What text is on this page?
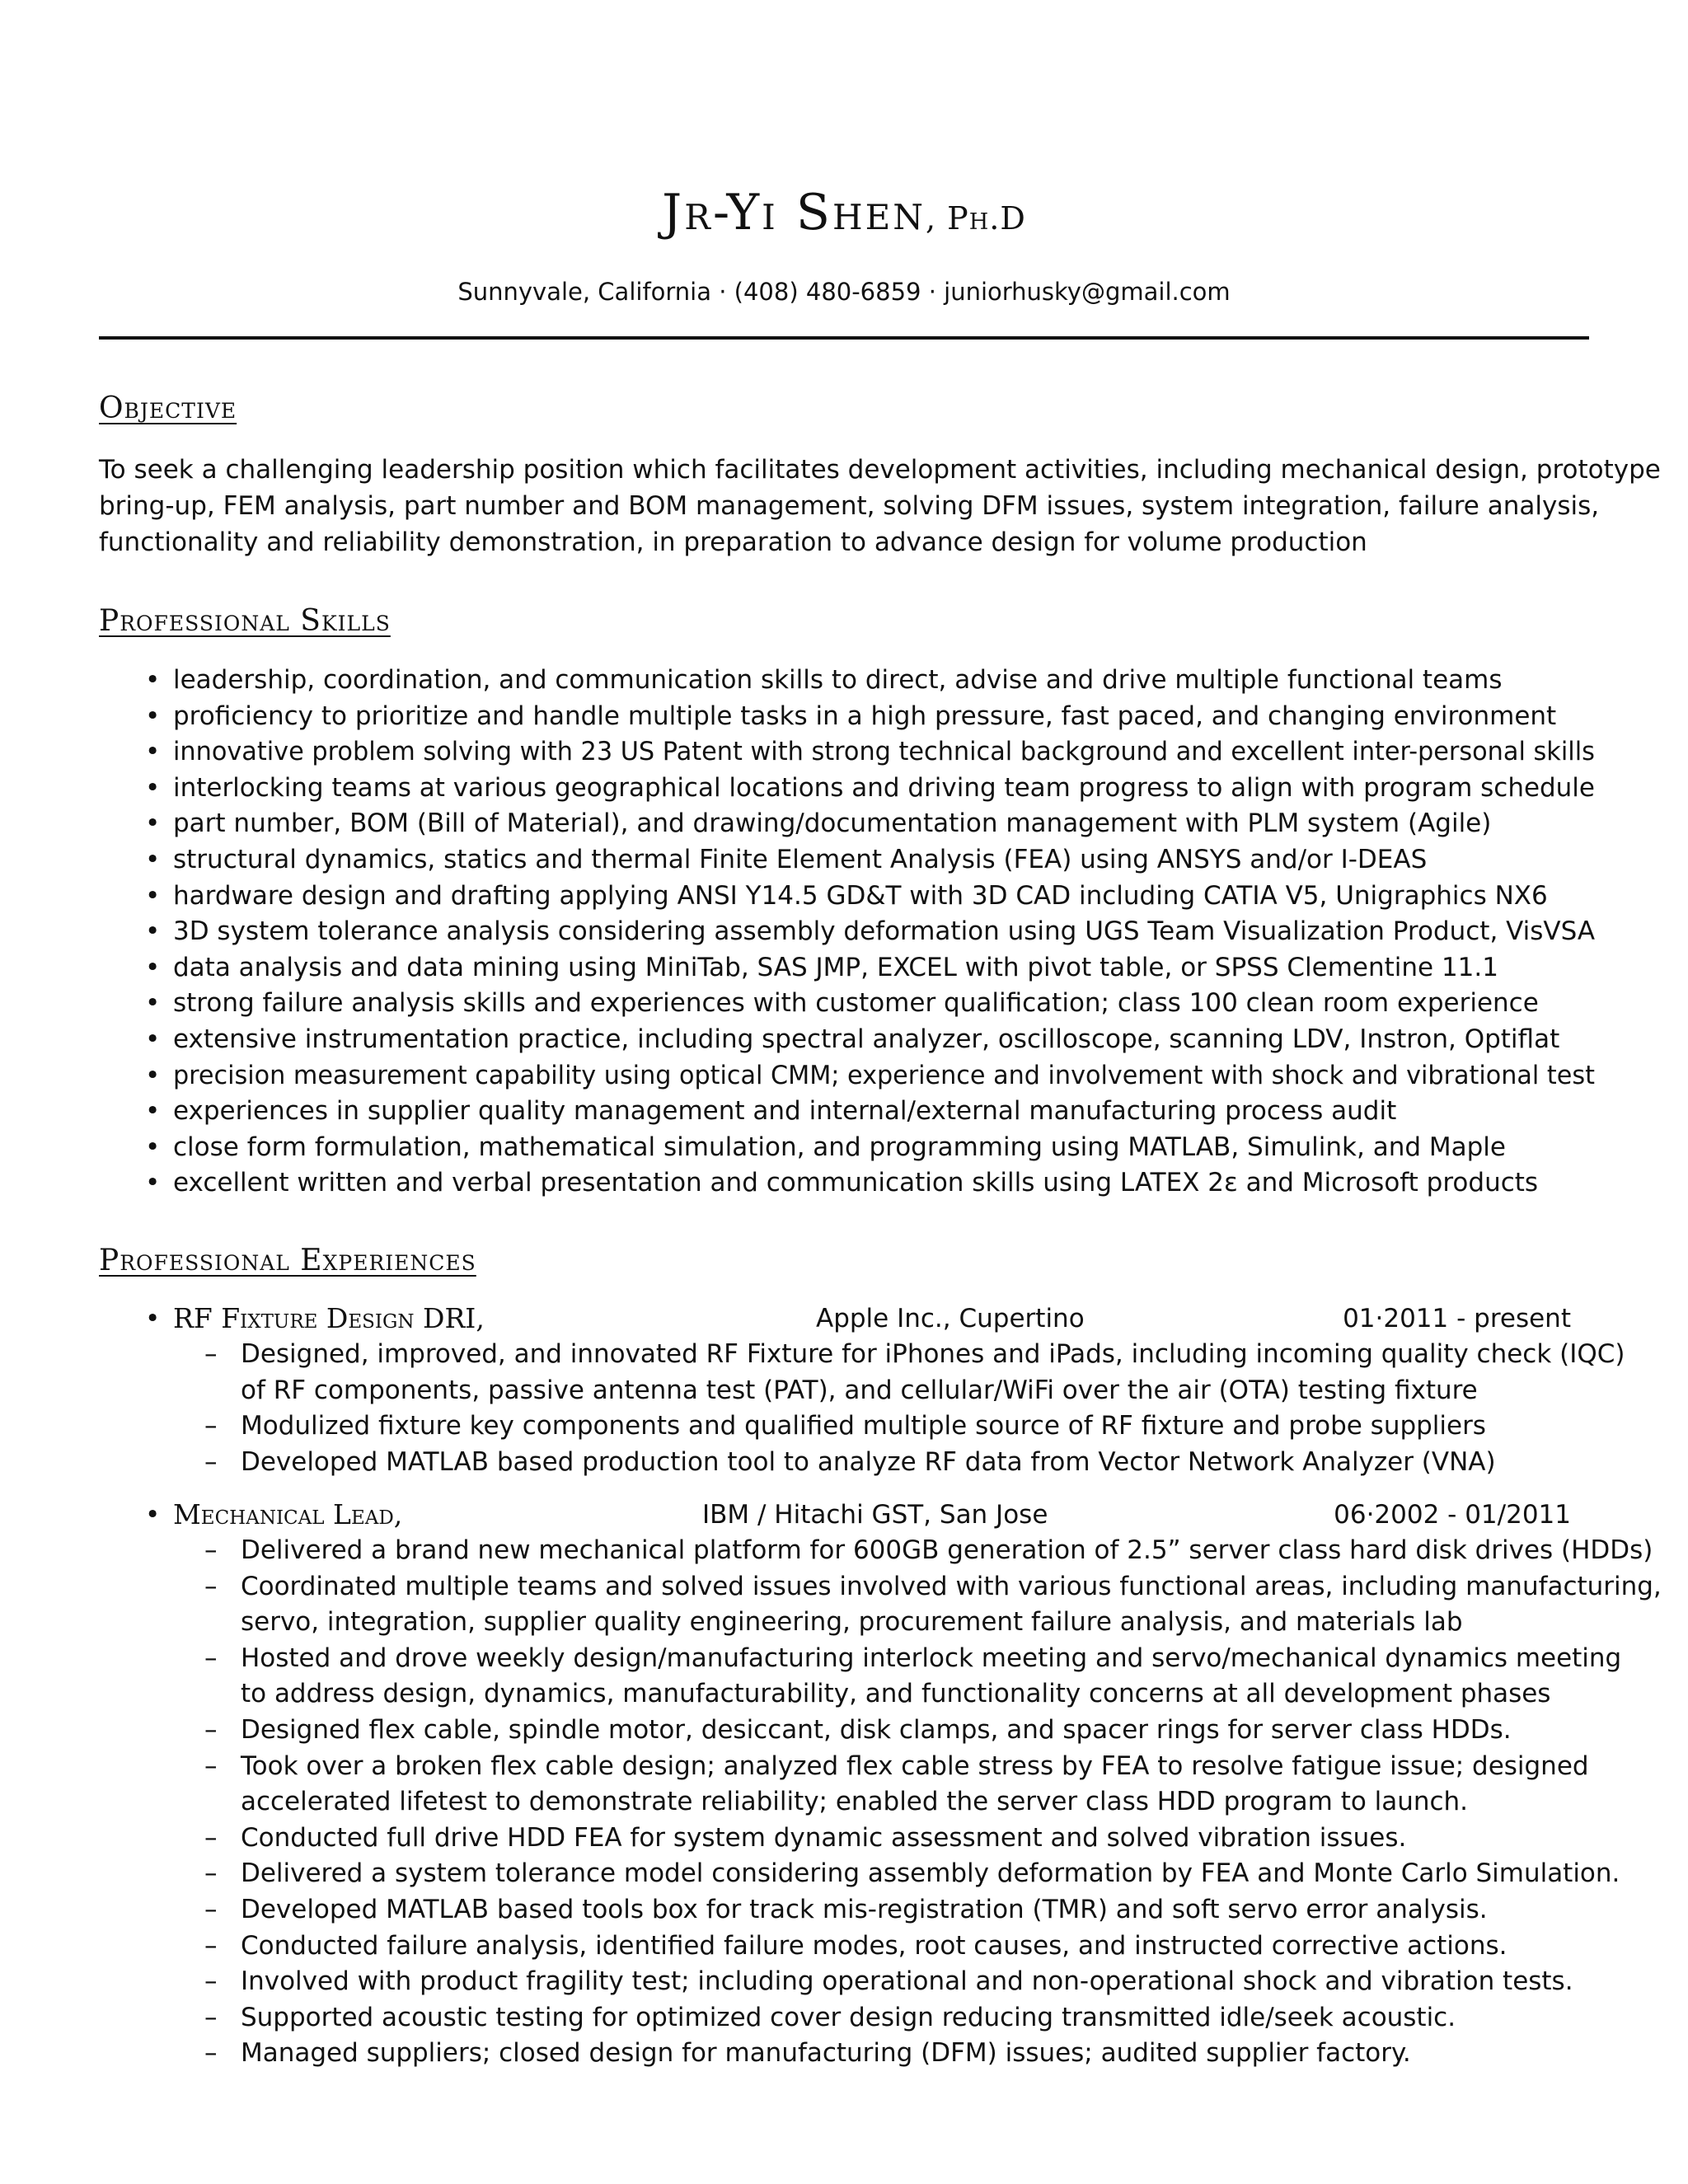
Jr-Yi Shen, Ph.D
Sunnyvale, California · (408) 480-6859 · juniorhusky@gmail.com
Objective
To seek a challenging leadership position which facilitates development activities, including mechanical design, prototype
bring-up, FEM analysis, part number and BOM management, solving DFM issues, system integration, failure analysis,
functionality and reliability demonstration, in preparation to advance design for volume production
Professional Skills
• leadership, coordination, and communication skills to direct, advise and drive multiple functional teams
• proficiency to prioritize and handle multiple tasks in a high pressure, fast paced, and changing environment
• innovative problem solving with 23 US Patent with strong technical background and excellent inter-personal skills
• interlocking teams at various geographical locations and driving team progress to align with program schedule
• part number, BOM (Bill of Material), and drawing/documentation management with PLM system (Agile)
• structural dynamics, statics and thermal Finite Element Analysis (FEA) using ANSYS and/or I-DEAS
• hardware design and drafting applying ANSI Y14.5 GD&T with 3D CAD including CATIA V5, Unigraphics NX6
• 3D system tolerance analysis considering assembly deformation using UGS Team Visualization Product, VisVSA
• data analysis and data mining using MiniTab, SAS JMP, EXCEL with pivot table, or SPSS Clementine 11.1
• strong failure analysis skills and experiences with customer qualification; class 100 clean room experience
• extensive instrumentation practice, including spectral analyzer, oscilloscope, scanning LDV, Instron, Optiflat
• precision measurement capability using optical CMM; experience and involvement with shock and vibrational test
• experiences in supplier quality management and internal/external manufacturing process audit
• close form formulation, mathematical simulation, and programming using MATLAB, Simulink, and Maple
• excellent written and verbal presentation and communication skills using LATEX 2ε and Microsoft products
Professional Experiences
• RF Fixture Design DRI,	Apple Inc., Cupertino	01·2011 - present
– Designed, improved, and innovated RF Fixture for iPhones and iPads, including incoming quality check (IQC)of RF components, passive antenna test (PAT), and cellular/WiFi over the air (OTA) testing fixture
– Modulized fixture key components and qualified multiple source of RF fixture and probe suppliers
– Developed MATLAB based production tool to analyze RF data from Vector Network Analyzer (VNA)
• Mechanical Lead,	IBM / Hitachi GST, San Jose	06·2002 - 01/2011
– Delivered a brand new mechanical platform for 600GB generation of 2.5” server class hard disk drives (HDDs)
– Coordinated multiple teams and solved issues involved with various functional areas, including manufacturing,servo, integration, supplier quality engineering, procurement failure analysis, and materials lab
– Hosted and drove weekly design/manufacturing interlock meeting and servo/mechanical dynamics meetingto address design, dynamics, manufacturability, and functionality concerns at all development phases
– Designed flex cable, spindle motor, desiccant, disk clamps, and spacer rings for server class HDDs.
– Took over a broken flex cable design; analyzed flex cable stress by FEA to resolve fatigue issue; designedaccelerated lifetest to demonstrate reliability; enabled the server class HDD program to launch.
– Conducted full drive HDD FEA for system dynamic assessment and solved vibration issues.
– Delivered a system tolerance model considering assembly deformation by FEA and Monte Carlo Simulation.
– Developed MATLAB based tools box for track mis-registration (TMR) and soft servo error analysis.
– Conducted failure analysis, identified failure modes, root causes, and instructed corrective actions.
– Involved with product fragility test; including operational and non-operational shock and vibration tests.
– Supported acoustic testing for optimized cover design reducing transmitted idle/seek acoustic.
– Managed suppliers; closed design for manufacturing (DFM) issues; audited supplier factory.
